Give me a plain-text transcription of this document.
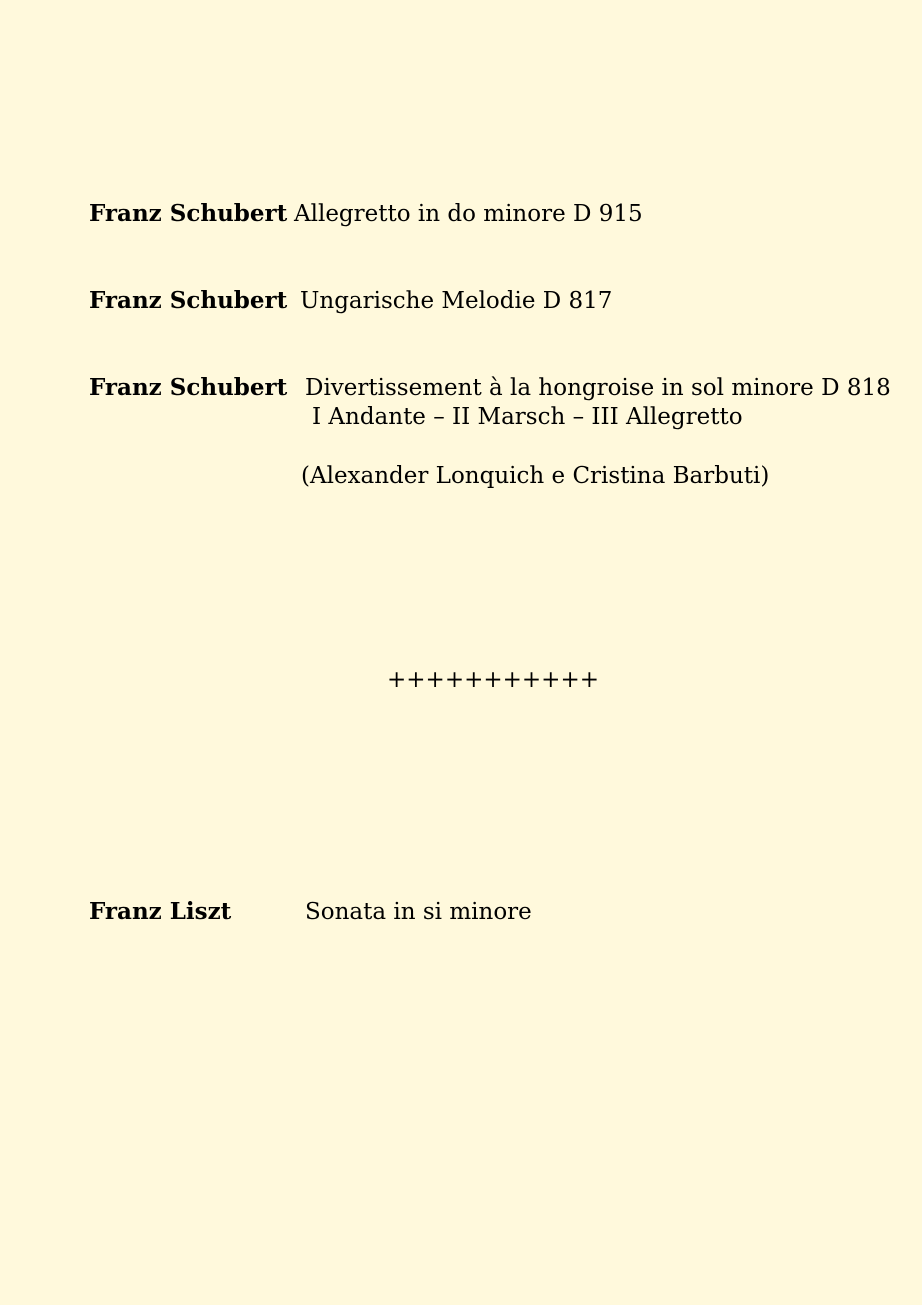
Franz Schubert Allegretto in do minore D 915
Franz Schubert Ungarische Melodie D 817
Franz Schubert Divertissement à la hongroise in sol minore D 818
I Andante – II Marsch – III Allegretto
(Alexander Lonquich e Cristina Barbuti)
+++++++++++
Franz Liszt	Sonata in si minore
